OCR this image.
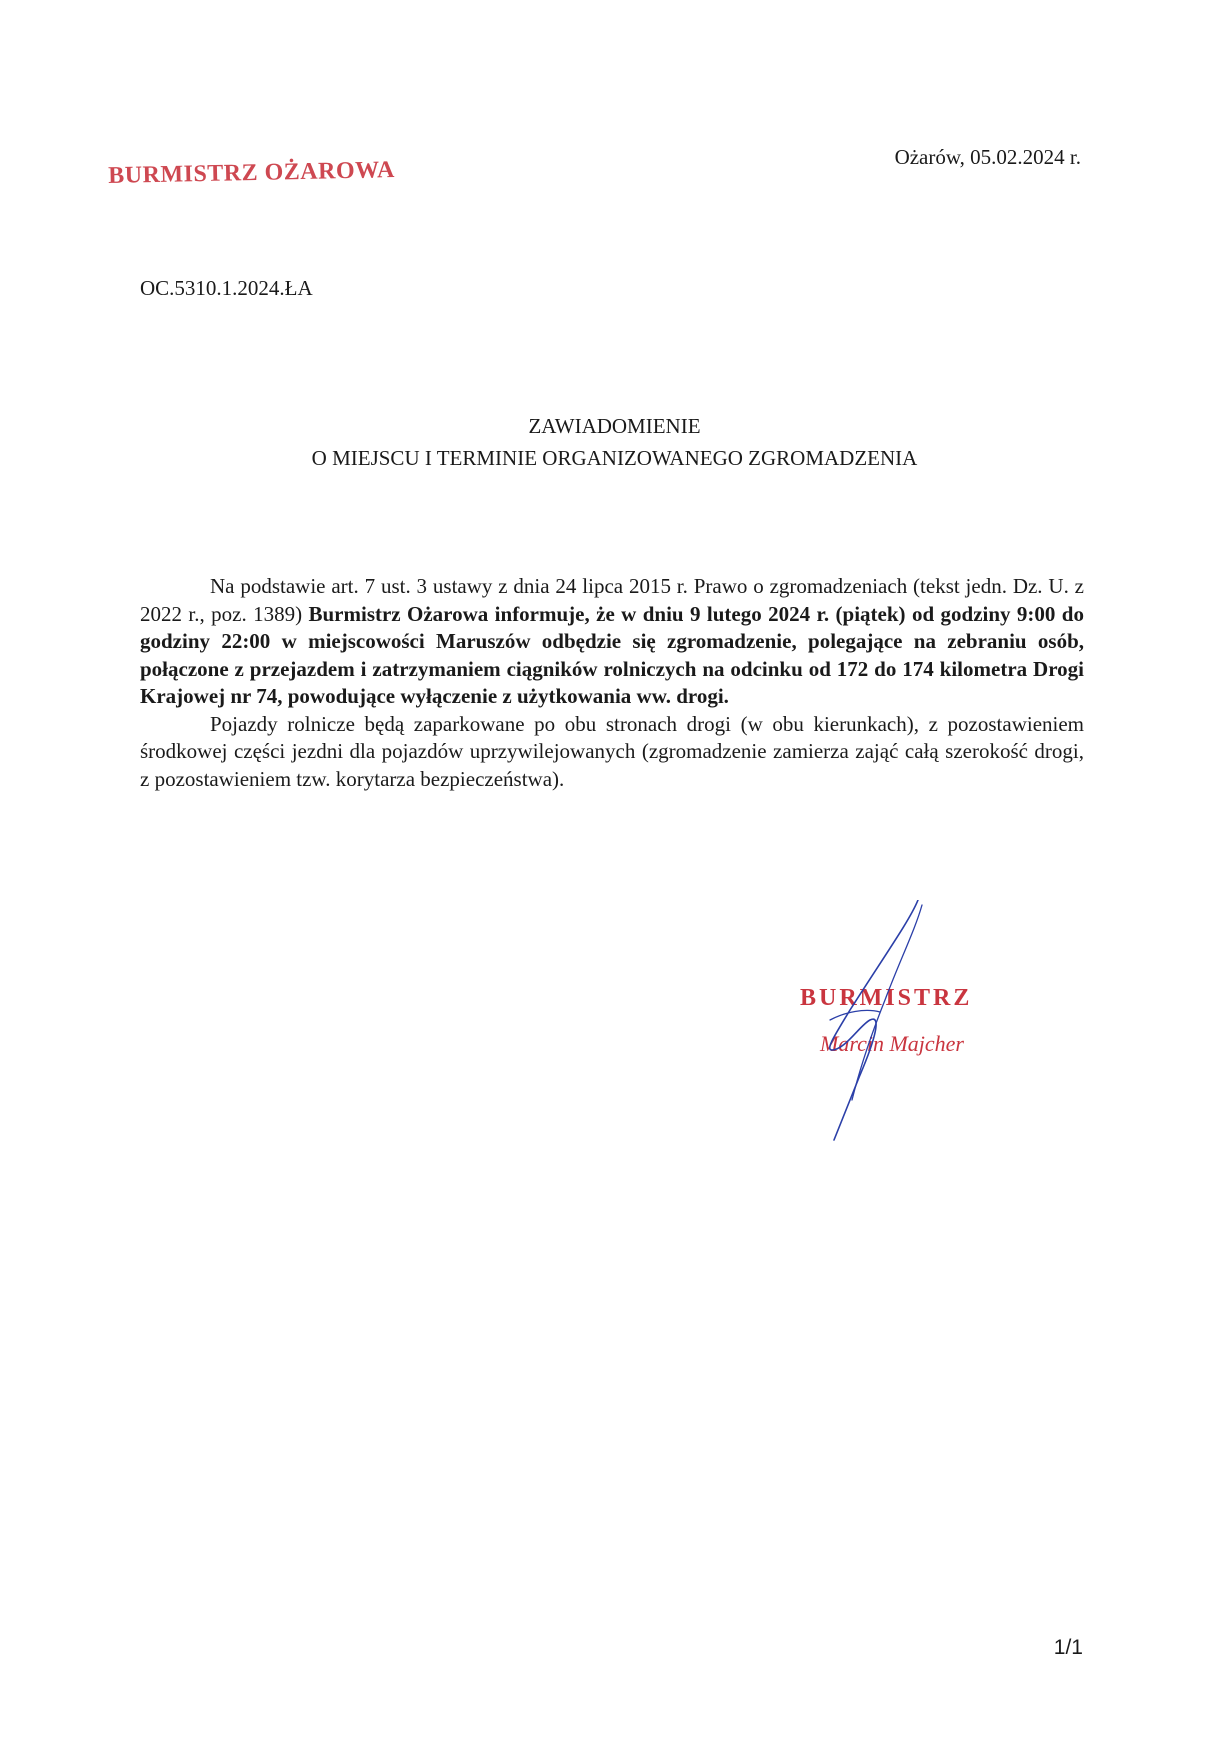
BURMISTRZ OŻAROWA	Ożarów, 05.02.2024 r.
OC.5310.1.2024.ŁA
ZAWIADOMIENIE
O MIEJSCU I TERMINIE ORGANIZOWANEGO ZGROMADZENIA

Na podstawie art. 7 ust. 3 ustawy z dnia 24 lipca 2015 r. Prawo o zgromadzeniach (tekst jedn. Dz. U. z 2022 r., poz. 1389) Burmistrz Ożarowa informuje, że w dniu 9 lutego 2024 r. (piątek) od godziny 9:00 do godziny 22:00 w miejscowości Maruszów odbędzie się zgromadzenie, polegające na zebraniu osób, połączone z przejazdem i zatrzymaniem ciągników rolniczych na odcinku od 172 do 174 kilometra Drogi Krajowej nr 74, powodujące wyłączenie z użytkowania ww. drogi.

Pojazdy rolnicze będą zaparkowane po obu stronach drogi (w obu kierunkach), z pozostawieniem środkowej części jezdni dla pojazdów uprzywilejowanych (zgromadzenie zamierza zająć całą szerokość drogi, z pozostawieniem tzw. korytarza bezpieczeństwa).

BURMISTRZ
Marcin Majcher
1/1
